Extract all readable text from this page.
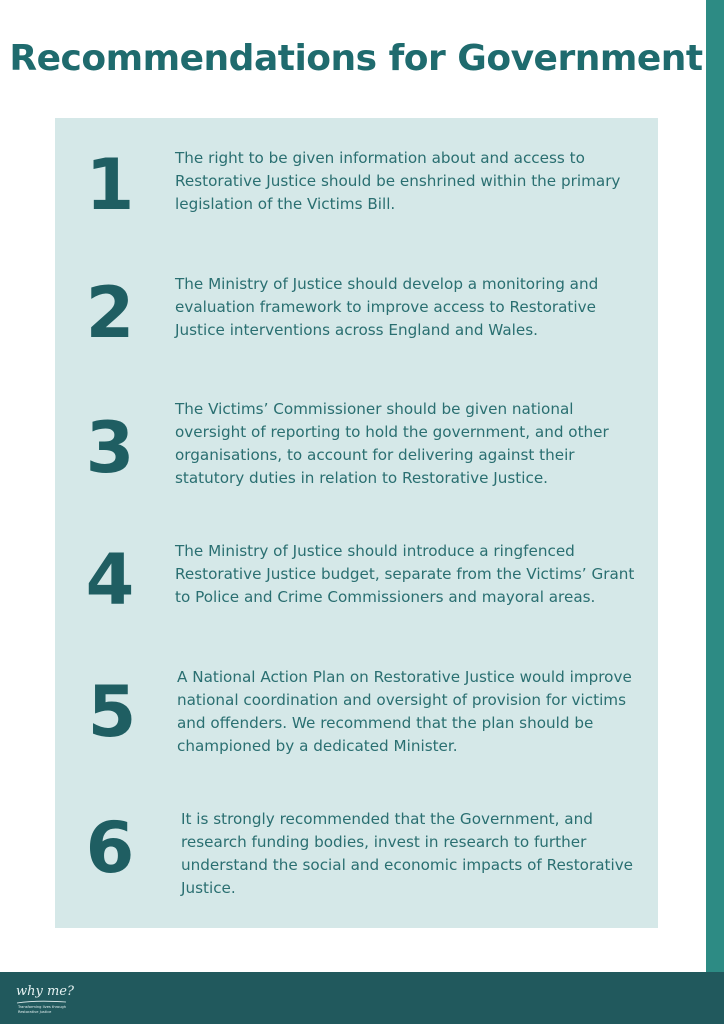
Recommendations for Government
1	The right to be given information about and access to Restorative Justice should be enshrined within the primary legislation of the Victims Bill.

2	The Ministry of Justice should develop a monitoring and evaluation framework to improve access to Restorative Justice interventions across England and Wales.

3	The Victims’ Commissioner should be given national oversight of reporting to hold the government, and other organisations, to account for delivering against their statutory duties in relation to Restorative Justice.

4	The Ministry of Justice should introduce a ringfenced Restorative Justice budget, separate from the Victims’ Grant to Police and Crime Commissioners and mayoral areas.

5	A National Action Plan on Restorative Justice would improve national coordination and oversight of provision for victims and offenders. We recommend that the plan should be championed by a dedicated Minister.

6	It is strongly recommended that the Government, and research funding bodies, invest in research to further understand the social and economic impacts of Restorative Justice.

why me?
Transforming lives through Restorative Justice
